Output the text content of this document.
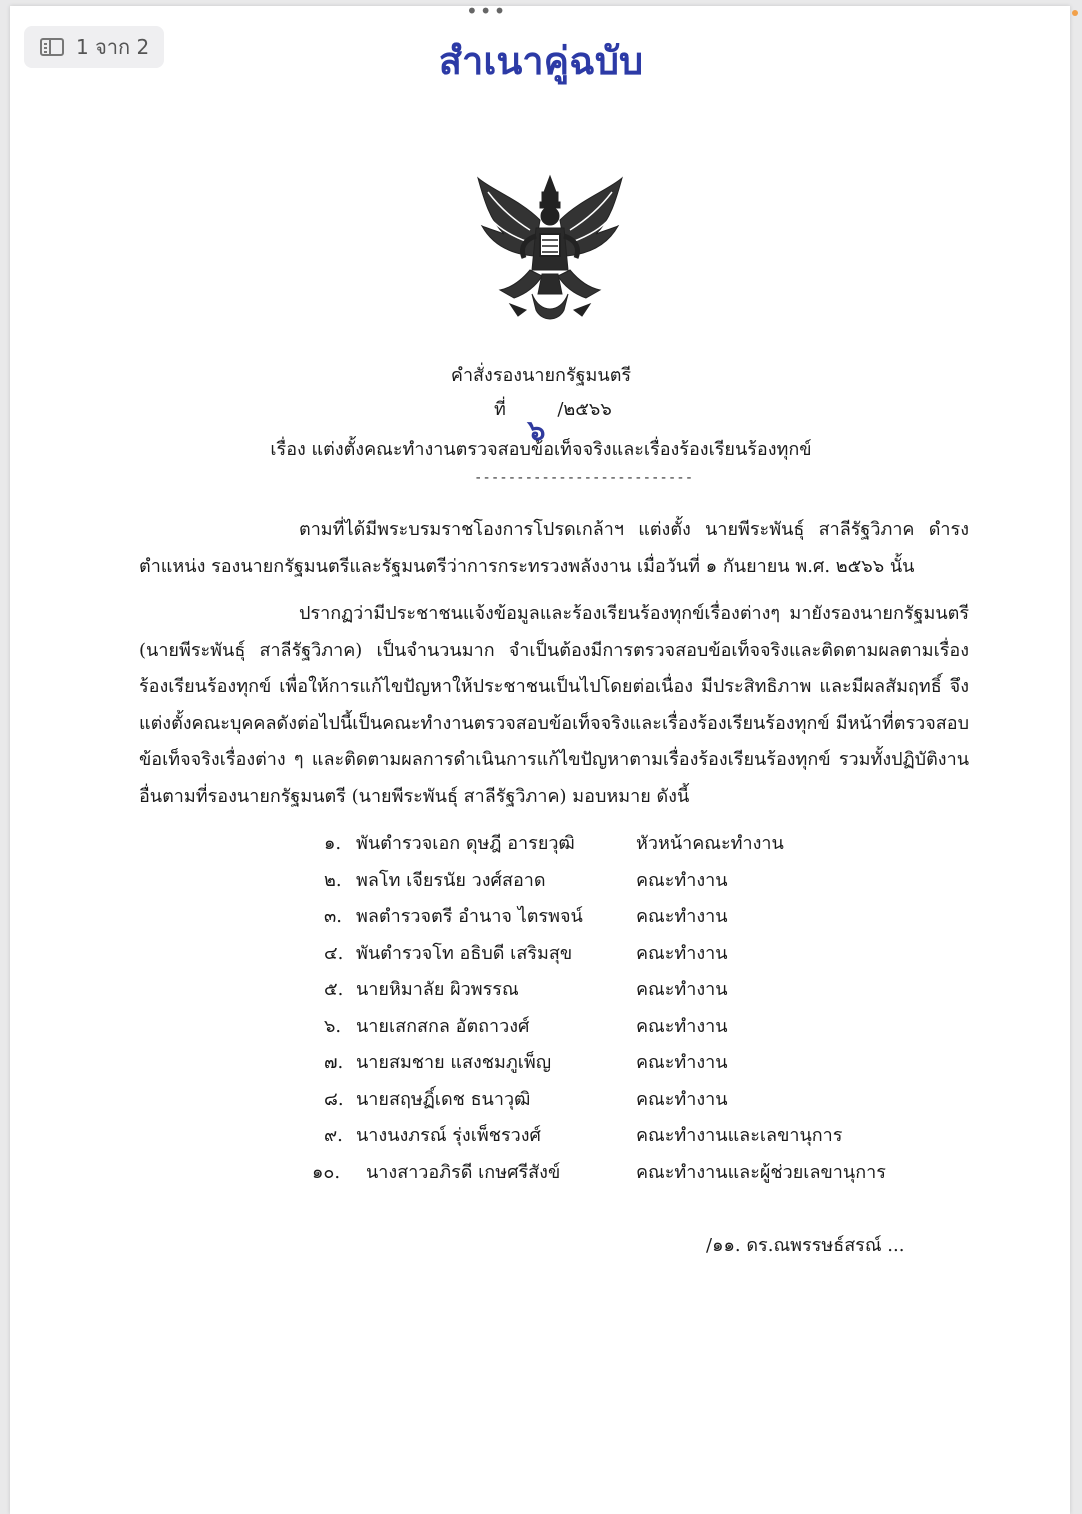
•••
1 จาก 2	สำเนาคู่ฉบับ
คำสั่งรองนายกรัฐมนตรี
ที่
๖
/๒๕๖๖
เรื่อง แต่งตั้งคณะทำงานตรวจสอบข้อเท็จจริงและเรื่องร้องเรียนร้องทุกข์
--------------------------
ตามที่ได้มีพระบรมราชโองการโปรดเกล้าฯ แต่งตั้ง นายพีระพันธุ์ สาลีรัฐวิภาค ดำรงตำแหน่ง รองนายกรัฐมนตรีและรัฐมนตรีว่าการกระทรวงพลังงาน เมื่อวันที่ ๑ กันยายน พ.ศ. ๒๕๖๖ นั้น
ปรากฏว่ามีประชาชนแจ้งข้อมูลและร้องเรียนร้องทุกข์เรื่องต่างๆ มายังรองนายกรัฐมนตรี (นายพีระพันธุ์ สาลีรัฐวิภาค) เป็นจำนวนมาก จำเป็นต้องมีการตรวจสอบข้อเท็จจริงและติดตามผลตามเรื่องร้องเรียนร้องทุกข์ เพื่อให้การแก้ไขปัญหาให้ประชาชนเป็นไปโดยต่อเนื่อง มีประสิทธิภาพ และมีผลสัมฤทธิ์ จึงแต่งตั้งคณะบุคคลดังต่อไปนี้เป็นคณะทำงานตรวจสอบข้อเท็จจริงและเรื่องร้องเรียนร้องทุกข์ มีหน้าที่ตรวจสอบข้อเท็จจริงเรื่องต่าง ๆ และติดตามผลการดำเนินการแก้ไขปัญหาตามเรื่องร้องเรียนร้องทุกข์ รวมทั้งปฏิบัติงานอื่นตามที่รองนายกรัฐมนตรี (นายพีระพันธุ์ สาลีรัฐวิภาค) มอบหมาย ดังนี้
๑. พันตำรวจเอก ดุษฎี อารยวุฒิ	หัวหน้าคณะทำงาน
๒. พลโท เจียรนัย วงศ์สอาด	คณะทำงาน
๓. พลตำรวจตรี อำนาจ ไตรพจน์	คณะทำงาน
๔. พันตำรวจโท อธิบดี เสริมสุข	คณะทำงาน
๕. นายหิมาลัย ผิวพรรณ	คณะทำงาน
๖. นายเสกสกล อัตถาวงศ์	คณะทำงาน
๗. นายสมชาย แสงชมภูเพ็ญ	คณะทำงาน
๘. นายสฤษฏิ์เดช ธนาวุฒิ	คณะทำงาน
๙. นางนงภรณ์ รุ่งเพ็ชรวงศ์	คณะทำงานและเลขานุการ
๑๐. นางสาวอภิรดี เกษศรีสังข์	คณะทำงานและผู้ช่วยเลขานุการ
/๑๑. ดร.ณพรรษธ์สรณ์ ...
